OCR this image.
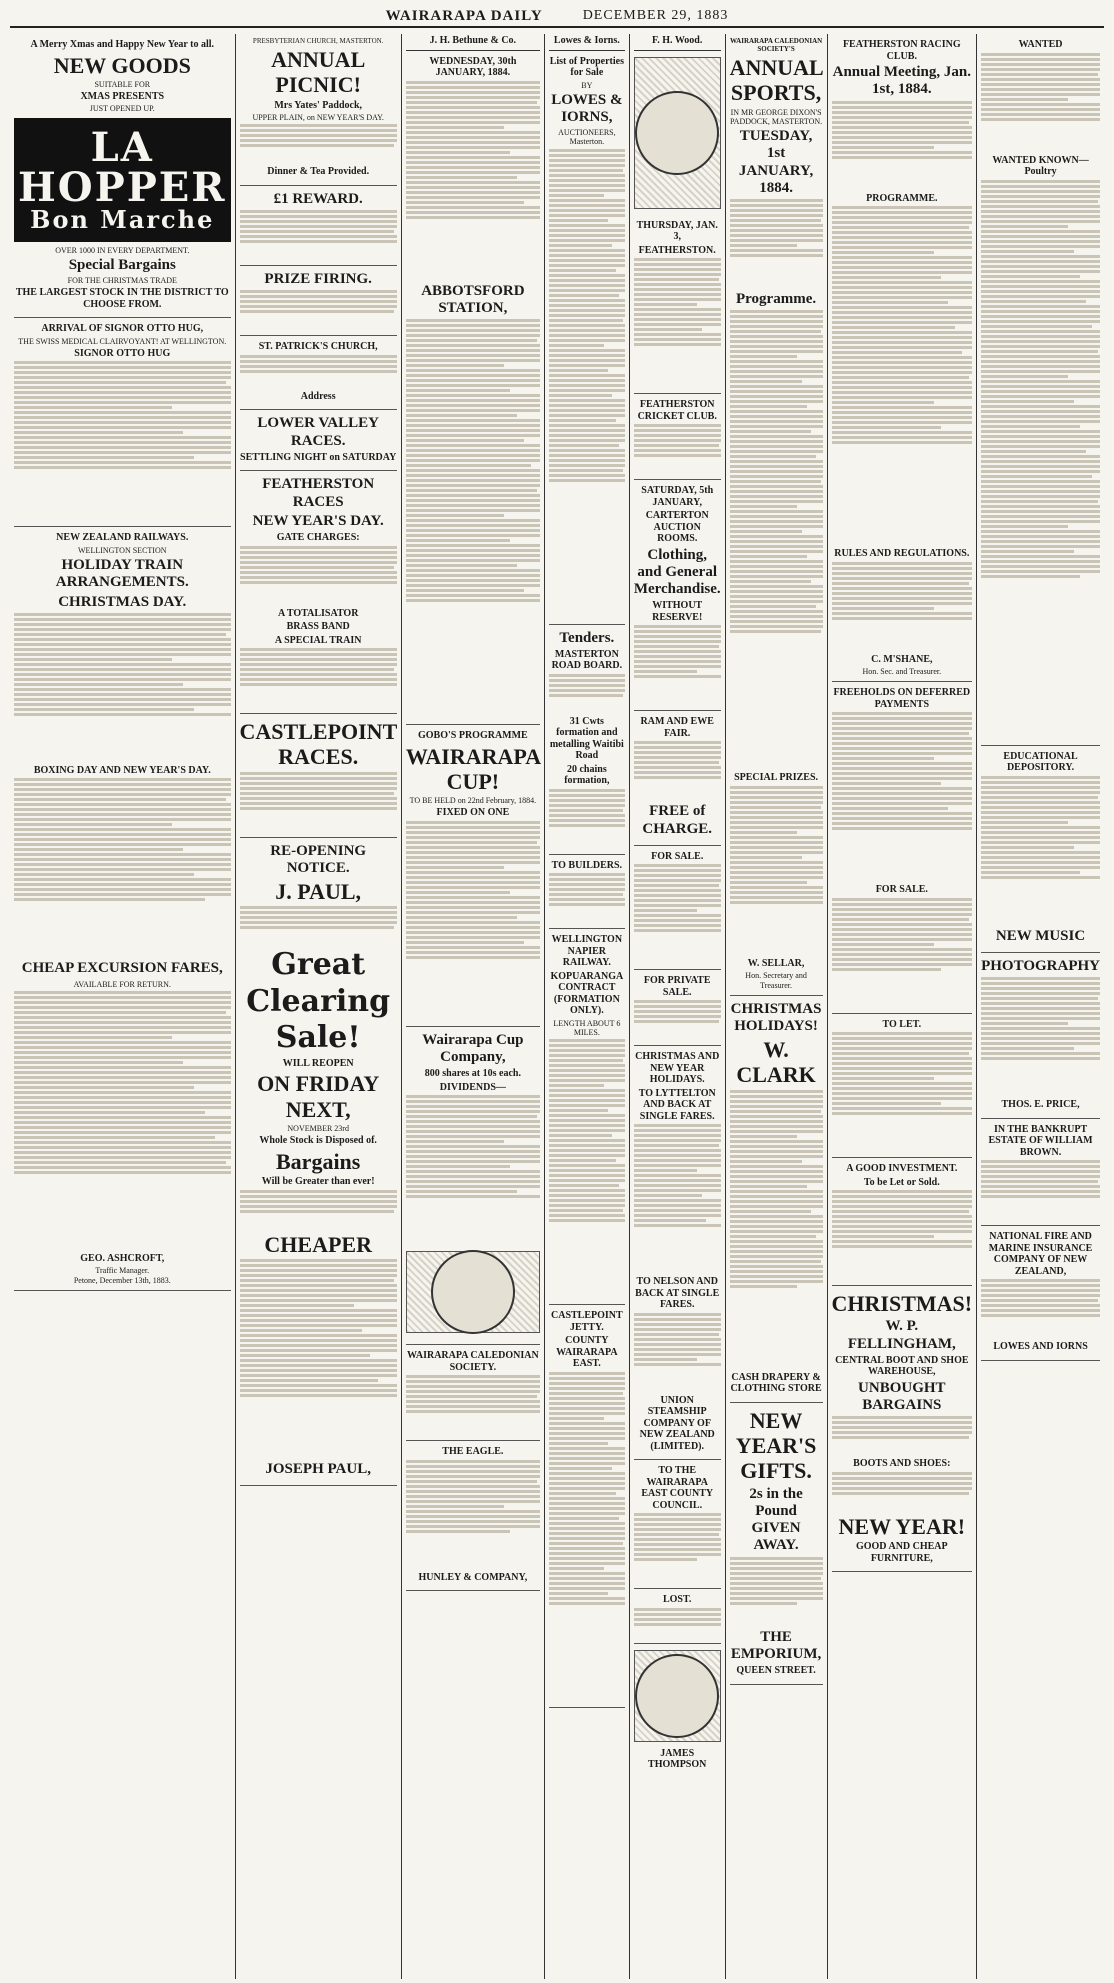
WAIRARAPA DAILY	DECEMBER 29, 1883
A Merry Xmas and Happy New Year to all.
NEW GOODS
SUITABLE FOR
XMAS PRESENTS
JUST OPENED UP.
LA
HOPPER
Bon Marche
OVER 1000 IN EVERY DEPARTMENT.
Special Bargains
FOR THE CHRISTMAS TRADE
THE LARGEST STOCK IN THE DISTRICT TO CHOOSE FROM.
ARRIVAL OF SIGNOR OTTO HUG,
THE SWISS MEDICAL CLAIRVOYANT! AT WELLINGTON.
SIGNOR OTTO HUG
NEW ZEALAND RAILWAYS.
WELLINGTON SECTION
HOLIDAY TRAIN ARRANGEMENTS.
CHRISTMAS DAY.
BOXING DAY AND NEW YEAR'S DAY.
CHEAP EXCURSION FARES,
AVAILABLE FOR RETURN.
GEO. ASHCROFT,
Traffic Manager.
Petone, December 13th, 1883.
PRESBYTERIAN CHURCH, MASTERTON.
ANNUAL PICNIC!
Mrs Yates' Paddock,
UPPER PLAIN, on NEW YEAR'S DAY.
Dinner & Tea Provided.
£1 REWARD.
PRIZE FIRING.
ST. PATRICK'S CHURCH,
Address
LOWER VALLEY RACES.
SETTLING NIGHT on SATURDAY
FEATHERSTON RACES
NEW YEAR'S DAY.
GATE CHARGES:
A TOTALISATOR
BRASS BAND
A SPECIAL TRAIN
CASTLEPOINT RACES.
RE-OPENING NOTICE.
J. PAUL,
Great
Clearing
Sale!
WILL REOPEN
ON FRIDAY NEXT,
NOVEMBER 23rd
Whole Stock is Disposed of.
Bargains
Will be Greater than ever!
CHEAPER
JOSEPH PAUL,
J. H. Bethune & Co.
WEDNESDAY, 30th JANUARY, 1884.
ABBOTSFORD STATION,
GOBO'S PROGRAMME
WAIRARAPA CUP!
TO BE HELD on 22nd February, 1884.
FIXED ON ONE
Wairarapa Cup Company,
800 shares at 10s each.
DIVIDENDS—
WAIRARAPA CALEDONIAN SOCIETY.
THE EAGLE.
HUNLEY & COMPANY,
Lowes & Iorns.
List of Properties for Sale
BY
LOWES & IORNS,
AUCTIONEERS, Masterton.
Tenders.
MASTERTON ROAD BOARD.
31 Cwts formation and metalling Waitibi Road
20 chains formation,
TO BUILDERS.
WELLINGTON NAPIER RAILWAY.
KOPUARANGA CONTRACT (FORMATION ONLY).
LENGTH ABOUT 6 MILES.
CASTLEPOINT JETTY.
COUNTY WAIRARAPA EAST.
F. H. Wood.
THURSDAY, JAN. 3,
FEATHERSTON.
FEATHERSTON CRICKET CLUB.
SATURDAY, 5th JANUARY,
CARTERTON AUCTION ROOMS.
Clothing, and General Merchandise.
WITHOUT RESERVE!
RAM AND EWE FAIR.
FREE of CHARGE.
FOR SALE.
FOR PRIVATE SALE.
CHRISTMAS AND NEW YEAR HOLIDAYS.
TO LYTTELTON AND BACK AT SINGLE FARES.
TO NELSON AND BACK AT SINGLE FARES.
UNION STEAMSHIP COMPANY OF NEW ZEALAND (LIMITED).
TO THE WAIRARAPA EAST COUNTY COUNCIL.
LOST.
JAMES THOMPSON
WAIRARAPA CALEDONIAN SOCIETY'S
ANNUAL SPORTS,
IN MR GEORGE DIXON'S PADDOCK, MASTERTON.
TUESDAY, 1st JANUARY, 1884.
Programme.
SPECIAL PRIZES.
W. SELLAR,
Hon. Secretary and Treasurer.
CHRISTMAS HOLIDAYS!
W. CLARK
CASH DRAPERY & CLOTHING STORE
NEW YEAR'S GIFTS.
2s in the Pound GIVEN AWAY.
THE EMPORIUM,
QUEEN STREET.
FEATHERSTON RACING CLUB.
Annual Meeting, Jan. 1st, 1884.
PROGRAMME.
RULES AND REGULATIONS.
C. M'SHANE,
Hon. Sec. and Treasurer.
FREEHOLDS ON DEFERRED PAYMENTS
FOR SALE.
TO LET.
A GOOD INVESTMENT.
To be Let or Sold.
CHRISTMAS!
W. P. FELLINGHAM,
CENTRAL BOOT AND SHOE WAREHOUSE,
UNBOUGHT BARGAINS
BOOTS AND SHOES:
NEW YEAR!
GOOD AND CHEAP FURNITURE,
WANTED
WANTED KNOWN—Poultry
EDUCATIONAL DEPOSITORY.
NEW MUSIC
PHOTOGRAPHY
THOS. E. PRICE,
IN THE BANKRUPT ESTATE OF WILLIAM BROWN.
NATIONAL FIRE AND MARINE INSURANCE COMPANY OF NEW ZEALAND,
LOWES AND IORNS
